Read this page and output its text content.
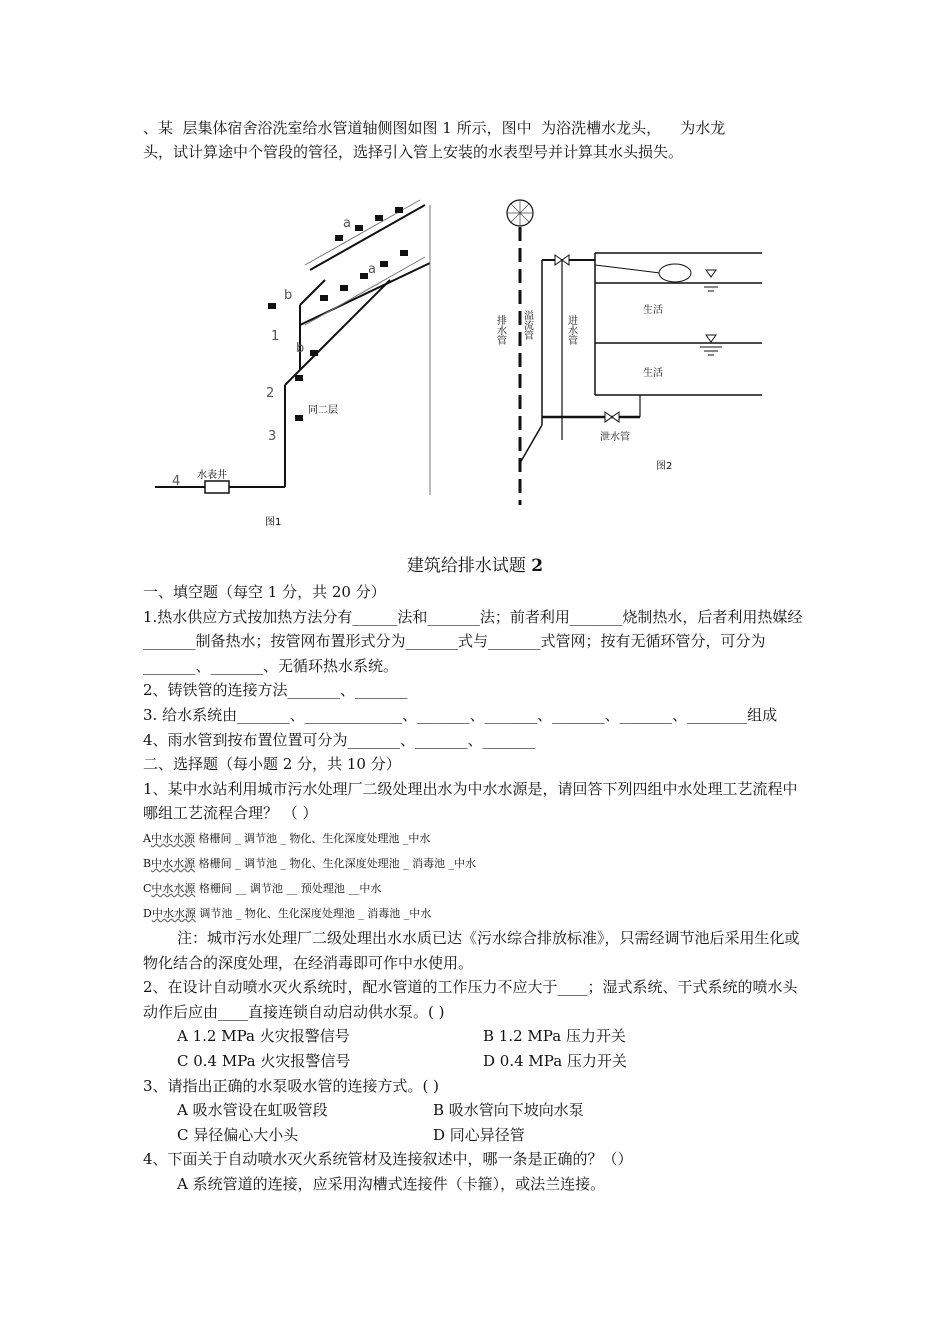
、某  层集体宿舍浴洗室给水管道轴侧图如图 1 所示，图中  为浴洗槽水龙头，    为水龙
头，试计算途中个管段的管径，选择引入管上安装的水表型号并计算其水头损失。
水表井
同二层
1
2
3
4
a
a
b
b
图1
排水管 溢流管	进水管
泄水管
生活
生活
图2
建筑给排水试题 2

一、填空题（每空 1 分，共 20 分）

1.热水供应方式按加热方法分有______法和_______法；前者利用_______烧制热水，后者利用热媒经_______制备热水；按管网布置形式分为_______式与_______式管网；按有无循环管分，可分为_______、_______、无循环热水系统。

2、铸铁管的连接方法_______、_______

3. 给水系统由_______、_____________、_______、_______、_______、_______、________组成

4、雨水管到按布置位置可分为_______、_______、_______

二、选择题（每小题 2 分，共 10 分）

1、某中水站利用城市污水处理厂二级处理出水为中水水源是，请回答下列四组中水处理工艺流程中哪组工艺流程合理？ （ ）

A中水水源 格栅间 _ 调节池 _ 物化、生化深度处理池 _中水

B中水水源 格栅间 _ 调节池 _ 物化、生化深度处理池 _ 消毒池 _中水

C中水水源 格栅间 __ 调节池 __ 预处理池 __中水

D中水水源 调节池 _ 物化、生化深度处理池 _ 消毒池 _中水

注：城市污水处理厂二级处理出水水质已达《污水综合排放标准》，只需经调节池后采用生化或物化结合的深度处理，在经消毒即可作中水使用。

2、在设计自动喷水灭火系统时，配水管道的工作压力不应大于____；湿式系统、干式系统的喷水头动作后应由____直接连锁自动启动供水泵。( )

A 1.2 MPa 火灾报警信号	B 1.2 MPa 压力开关

C 0.4 MPa 火灾报警信号	D 0.4 MPa 压力开关

3、请指出正确的水泵吸水管的连接方式。( )

A 吸水管设在虹吸管段	B 吸水管向下坡向水泵

C 异径偏心大小头	D 同心异径管

4、下面关于自动喷水灭火系统管材及连接叙述中，哪一条是正确的？（）

A 系统管道的连接，应采用沟槽式连接件（卡箍），或法兰连接。
